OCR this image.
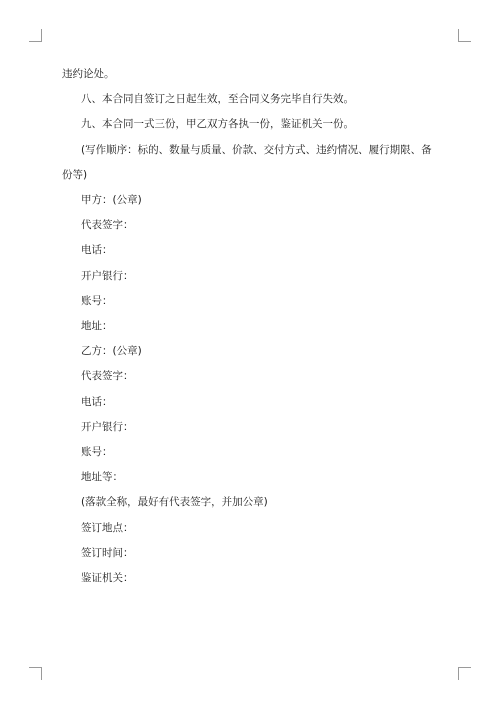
违约论处。

八、本合同自签订之日起生效，至合同义务完毕自行失效。

九、本合同一式三份，甲乙双方各执一份，鉴证机关一份。

(写作顺序：标的、数量与质量、价款、交付方式、违约情况、履行期限、备份等)

甲方：(公章)

代表签字：

电话：

开户银行：

账号：

地址：

乙方：(公章)

代表签字：

电话：

开户银行：

账号：

地址等：

(落款全称，最好有代表签字，并加公章)

签订地点：

签订时间：

鉴证机关：
